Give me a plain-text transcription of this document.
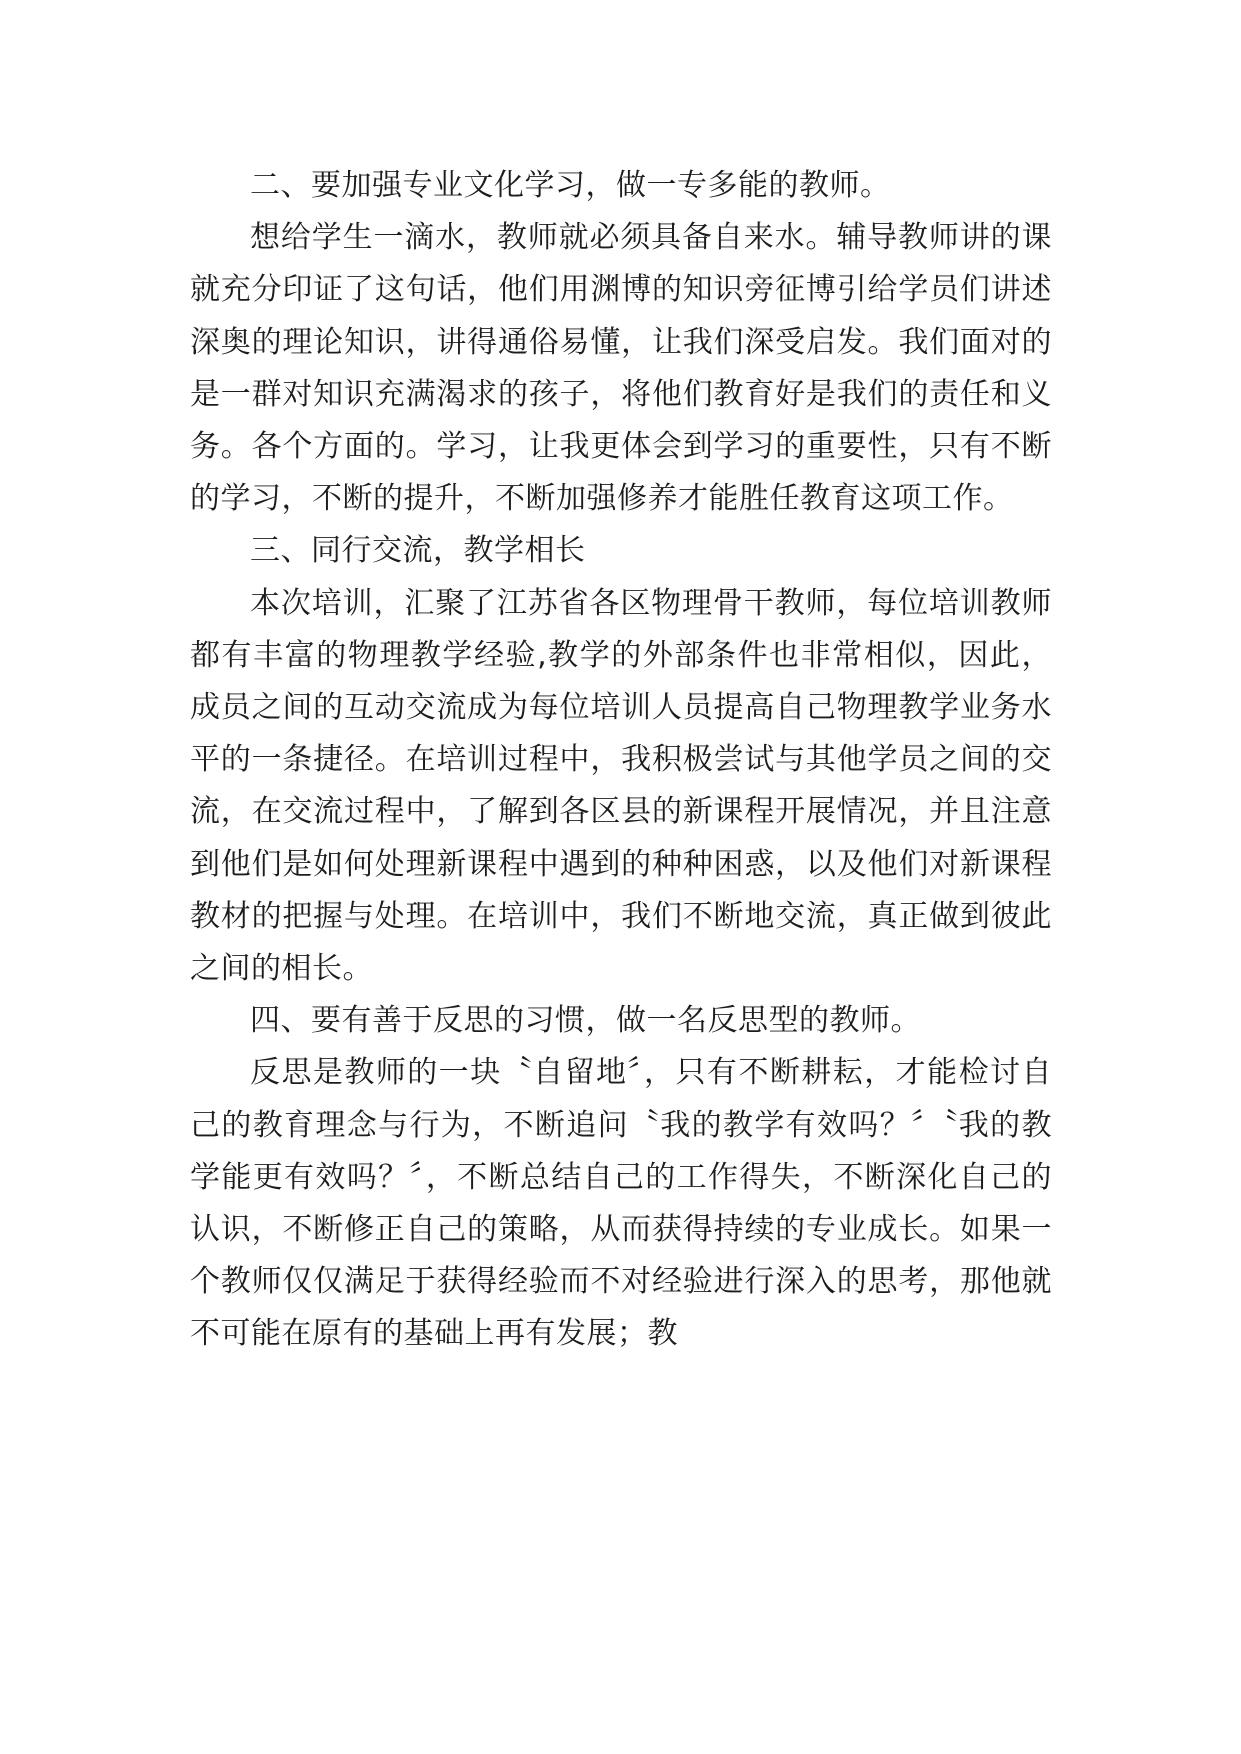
二、要加强专业文化学习，做一专多能的教师。

想给学生一滴水，教师就必须具备自来水。辅导教师讲的课就充分印证了这句话，他们用渊博的知识旁征博引给学员们讲述深奥的理论知识，讲得通俗易懂，让我们深受启发。我们面对的是一群对知识充满渴求的孩子，将他们教育好是我们的责任和义务。各个方面的。学习，让我更体会到学习的重要性，只有不断的学习，不断的提升，不断加强修养才能胜任教育这项工作。

三、同行交流，教学相长

本次培训，汇聚了江苏省各区物理骨干教师，每位培训教师都有丰富的物理教学经验,教学的外部条件也非常相似，因此，成员之间的互动交流成为每位培训人员提高自己物理教学业务水平的一条捷径。在培训过程中，我积极尝试与其他学员之间的交流，在交流过程中，了解到各区县的新课程开展情况，并且注意到他们是如何处理新课程中遇到的种种困惑，以及他们对新课程教材的把握与处理。在培训中，我们不断地交流，真正做到彼此之间的相长。

四、要有善于反思的习惯，做一名反思型的教师。

反思是教师的一块〝自留地〞，只有不断耕耘，才能检讨自己的教育理念与行为，不断追问〝我的教学有效吗？〞〝我的教学能更有效吗？〞，不断总结自己的工作得失，不断深化自己的认识，不断修正自己的策略，从而获得持续的专业成长。如果一个教师仅仅满足于获得经验而不对经验进行深入的思考，那他就不可能在原有的基础上再有发展；教
